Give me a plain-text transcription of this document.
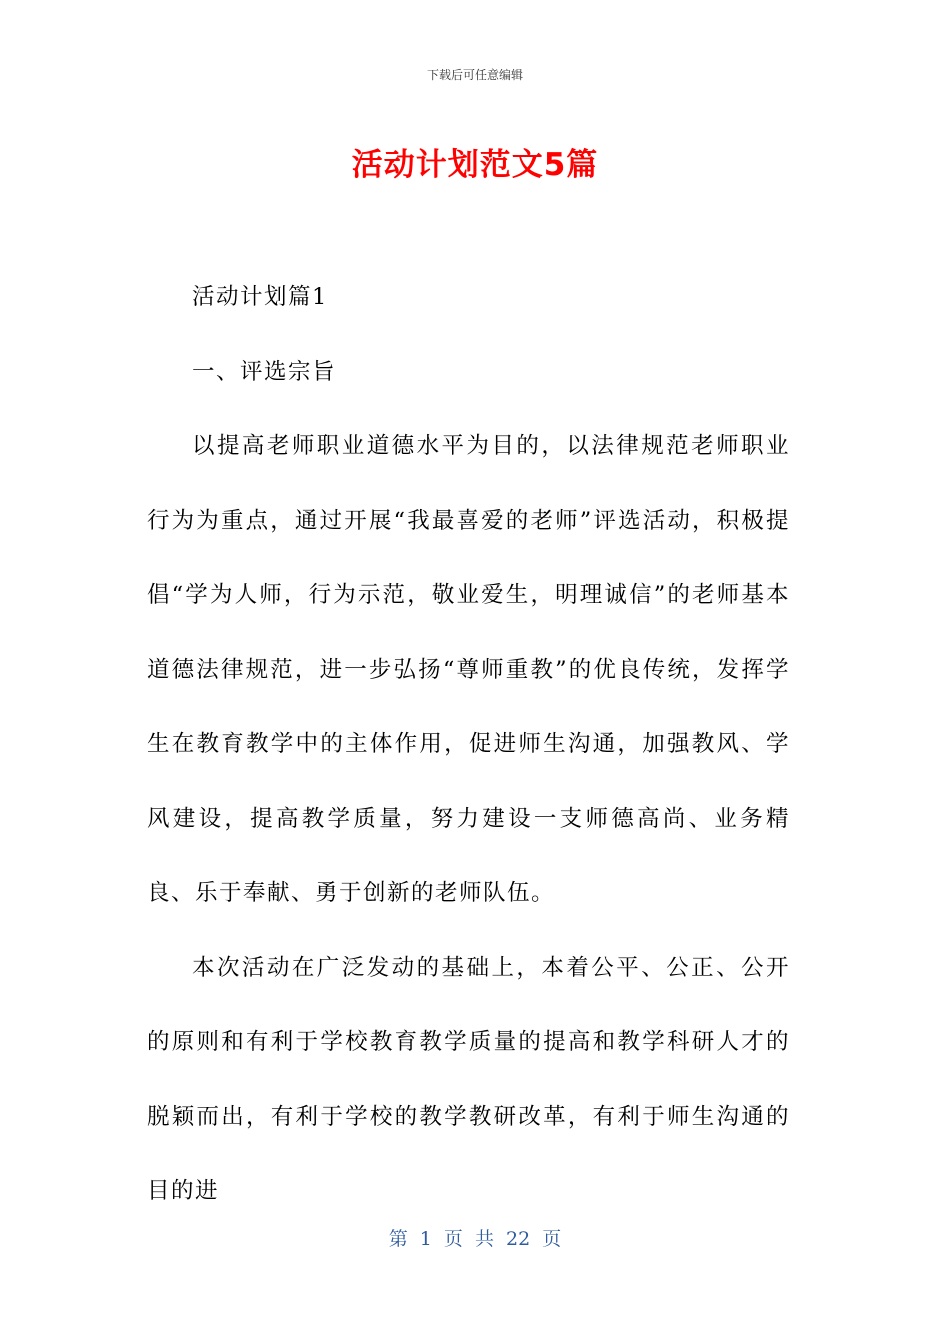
下载后可任意编辑
活动计划范文5篇

活动计划篇1

一、评选宗旨

以提高老师职业道德水平为目的，以法律规范老师职业行为为重点，通过开展“我最喜爱的老师”评选活动，积极提倡“学为人师，行为示范，敬业爱生，明理诚信”的老师基本道德法律规范，进一步弘扬“尊师重教”的优良传统，发挥学生在教育教学中的主体作用，促进师生沟通，加强教风、学风建设，提高教学质量，努力建设一支师德高尚、业务精良、乐于奉献、勇于创新的老师队伍。

本次活动在广泛发动的基础上，本着公平、公正、公开的原则和有利于学校教育教学质量的提高和教学科研人才的脱颖而出，有利于学校的教学教研改革，有利于师生沟通的目的进

第 1 页 共 22 页
